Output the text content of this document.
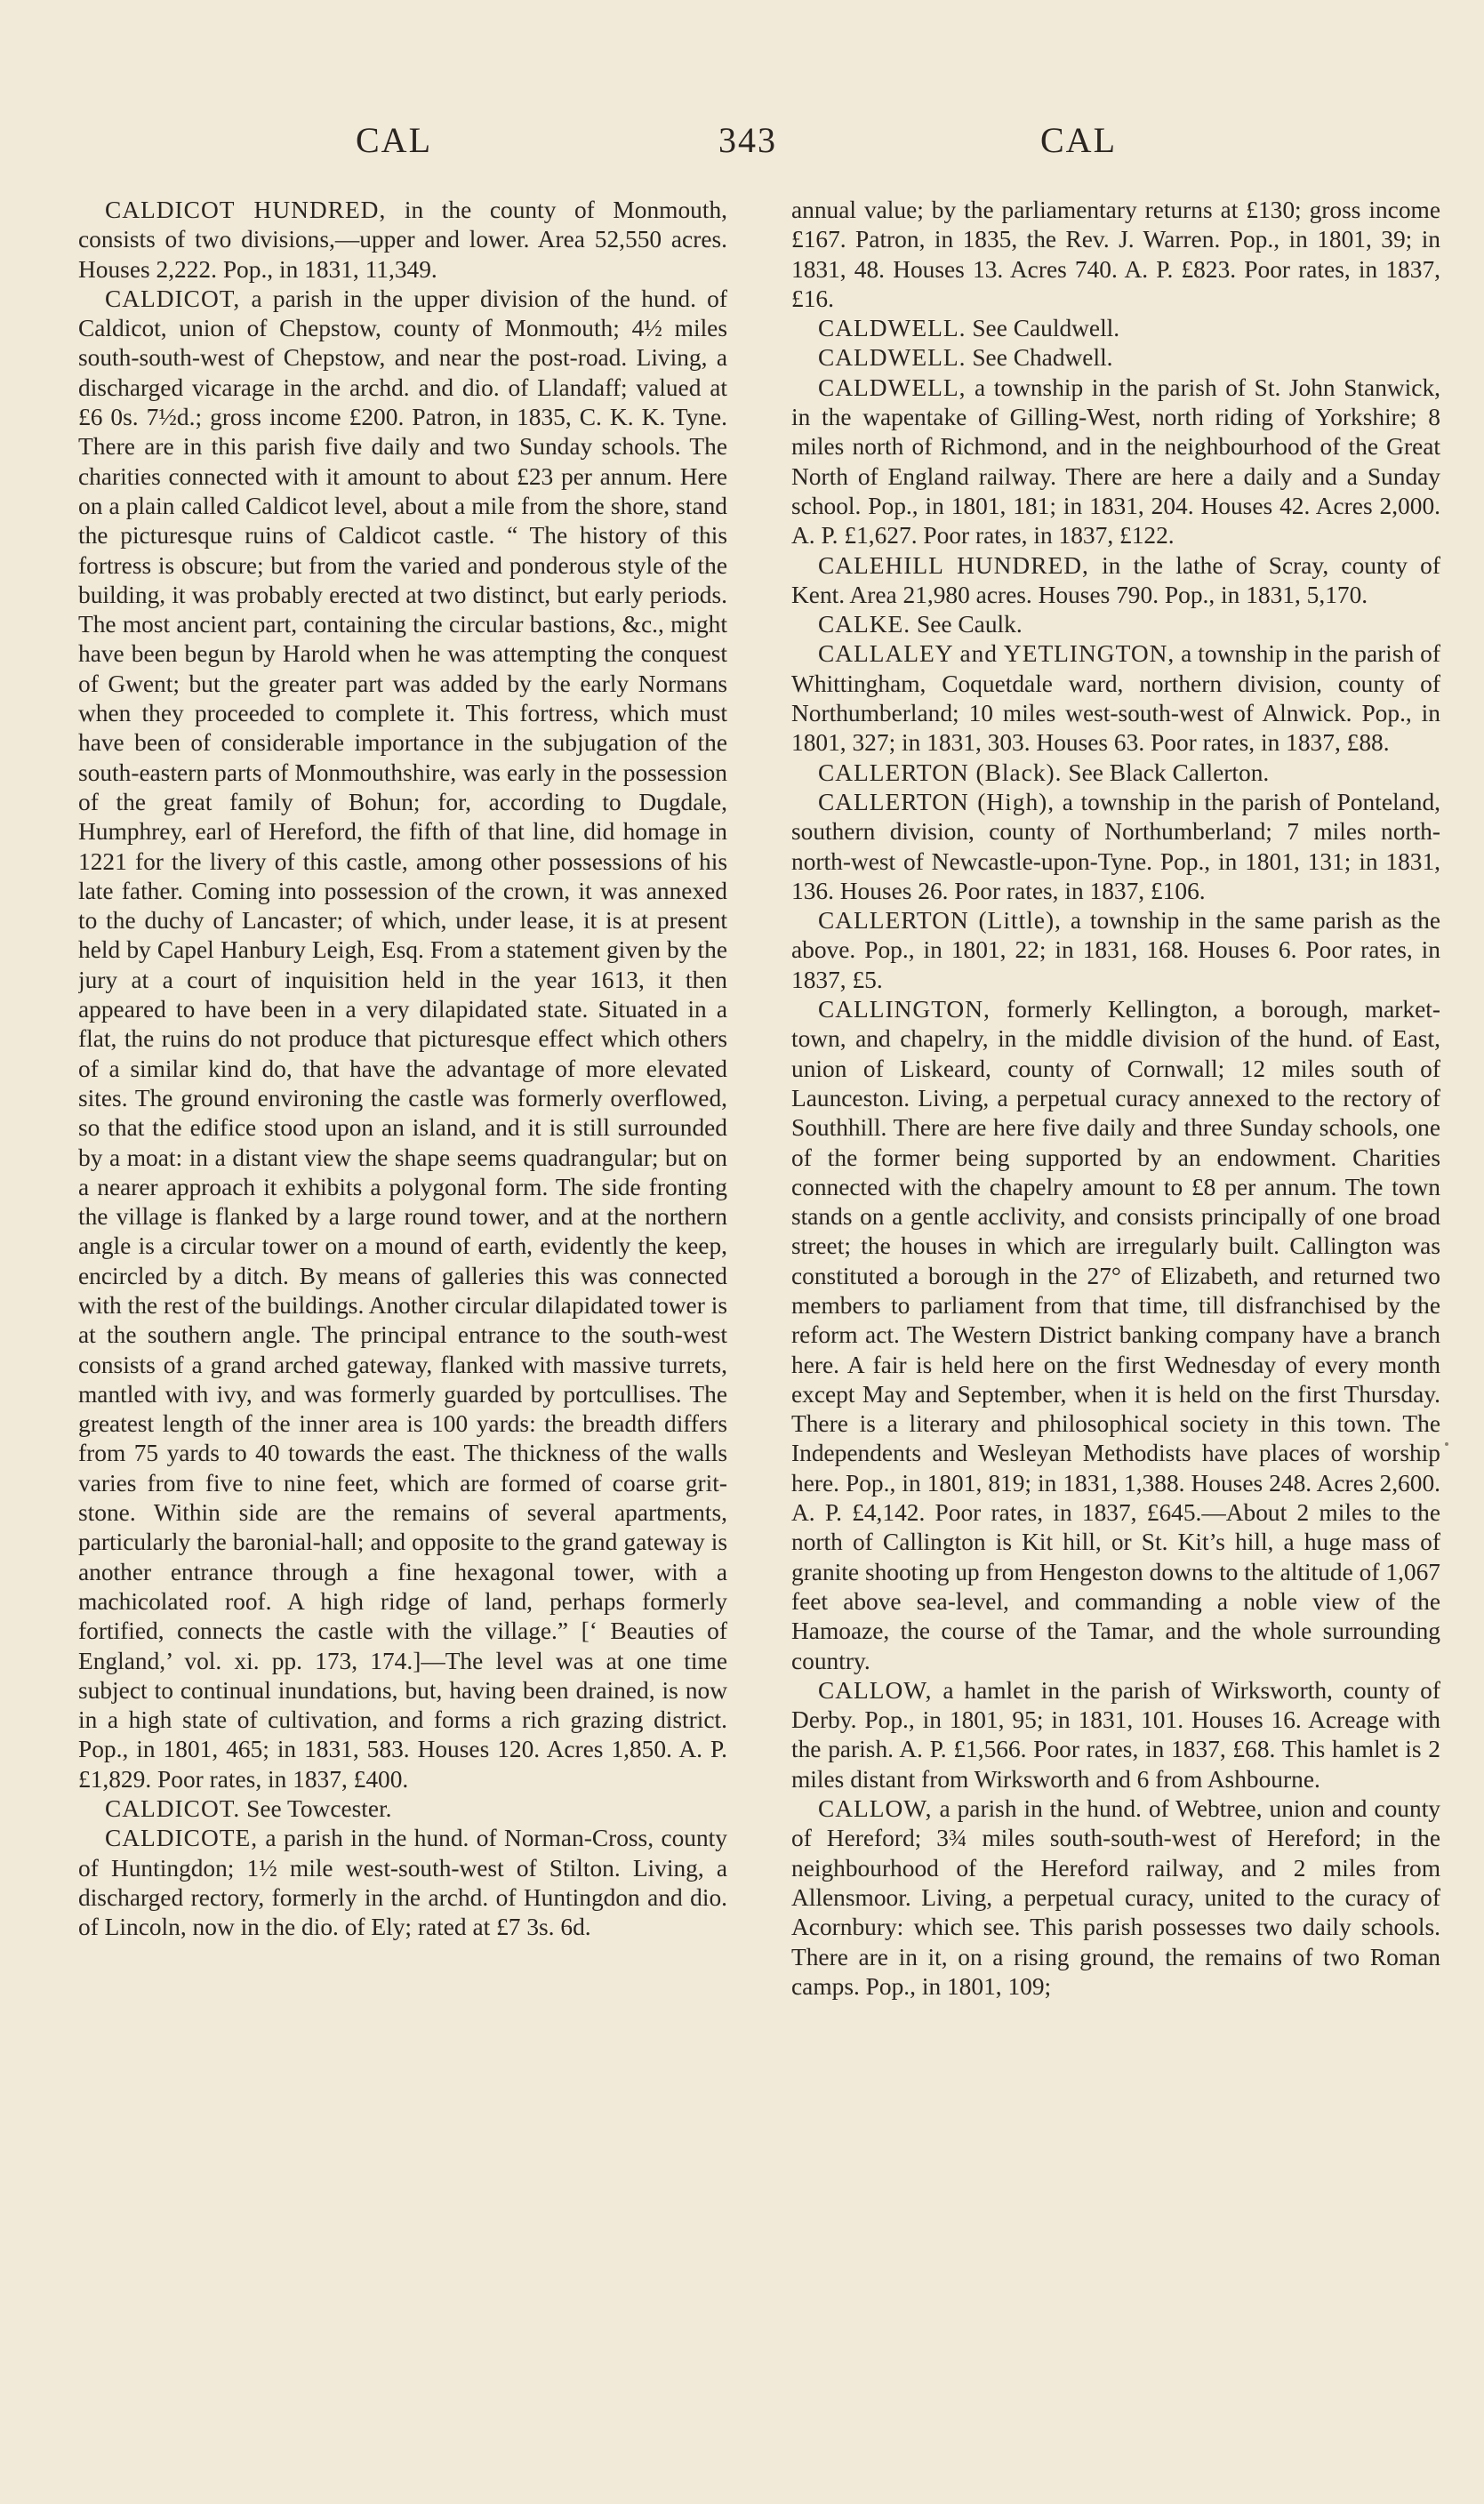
CAL	343	CAL

CALDICOT HUNDRED, in the county of Monmouth, consists of two divisions,—upper and lower. Area 52,550 acres. Houses 2,222. Pop., in 1831, 11,349.

CALDICOT, a parish in the upper division of the hund. of Caldicot, union of Chepstow, county of Monmouth; 4½ miles south-south-west of Chepstow, and near the post-road. Living, a discharged vicarage in the archd. and dio. of Llandaff; valued at £6 0s. 7½d.; gross income £200. Patron, in 1835, C. K. K. Tyne. There are in this parish five daily and two Sunday schools. The charities connected with it amount to about £23 per annum. Here on a plain called Caldicot level, about a mile from the shore, stand the picturesque ruins of Caldicot castle. “ The history of this fortress is obscure; but from the varied and ponderous style of the building, it was probably erected at two distinct, but early periods. The most ancient part, containing the circular bastions, &c., might have been begun by Harold when he was attempting the conquest of Gwent; but the greater part was added by the early Normans when they proceeded to complete it. This fortress, which must have been of considerable importance in the subjugation of the south-eastern parts of Monmouthshire, was early in the possession of the great family of Bohun; for, according to Dugdale, Humphrey, earl of Hereford, the fifth of that line, did homage in 1221 for the livery of this castle, among other possessions of his late father. Coming into possession of the crown, it was annexed to the duchy of Lancaster; of which, under lease, it is at present held by Capel Hanbury Leigh, Esq. From a statement given by the jury at a court of inquisition held in the year 1613, it then appeared to have been in a very dilapidated state. Situated in a flat, the ruins do not produce that picturesque effect which others of a similar kind do, that have the advantage of more elevated sites. The ground environing the castle was formerly overflowed, so that the edifice stood upon an island, and it is still surrounded by a moat: in a distant view the shape seems quadrangular; but on a nearer approach it exhibits a polygonal form. The side fronting the village is flanked by a large round tower, and at the northern angle is a circular tower on a mound of earth, evidently the keep, encircled by a ditch. By means of galleries this was connected with the rest of the buildings. Another circular dilapidated tower is at the southern angle. The principal entrance to the south-west consists of a grand arched gateway, flanked with massive turrets, mantled with ivy, and was formerly guarded by portcullises. The greatest length of the inner area is 100 yards: the breadth differs from 75 yards to 40 towards the east. The thickness of the walls varies from five to nine feet, which are formed of coarse grit-stone. Within side are the remains of several apartments, particularly the baronial-hall; and opposite to the grand gateway is another entrance through a fine hexagonal tower, with a machicolated roof. A high ridge of land, perhaps formerly fortified, connects the castle with the village.” [‘ Beauties of England,’ vol. xi. pp. 173, 174.]—The level was at one time subject to continual inundations, but, having been drained, is now in a high state of cultivation, and forms a rich grazing district. Pop., in 1801, 465; in 1831, 583. Houses 120. Acres 1,850. A. P. £1,829. Poor rates, in 1837, £400.

CALDICOT. See Towcester.

CALDICOTE, a parish in the hund. of Norman-Cross, county of Huntingdon; 1½ mile west-south-west of Stilton. Living, a discharged rectory, formerly in the archd. of Huntingdon and dio. of Lincoln, now in the dio. of Ely; rated at £7 3s. 6d.

annual value; by the parliamentary returns at £130; gross income £167. Patron, in 1835, the Rev. J. Warren. Pop., in 1801, 39; in 1831, 48. Houses 13. Acres 740. A. P. £823. Poor rates, in 1837, £16.

CALDWELL. See Cauldwell.

CALDWELL. See Chadwell.

CALDWELL, a township in the parish of St. John Stanwick, in the wapentake of Gilling-West, north riding of Yorkshire; 8 miles north of Richmond, and in the neighbourhood of the Great North of England railway. There are here a daily and a Sunday school. Pop., in 1801, 181; in 1831, 204. Houses 42. Acres 2,000. A. P. £1,627. Poor rates, in 1837, £122.

CALEHILL HUNDRED, in the lathe of Scray, county of Kent. Area 21,980 acres. Houses 790. Pop., in 1831, 5,170.

CALKE. See Caulk.

CALLALEY and YETLINGTON, a township in the parish of Whittingham, Coquetdale ward, northern division, county of Northumberland; 10 miles west-south-west of Alnwick. Pop., in 1801, 327; in 1831, 303. Houses 63. Poor rates, in 1837, £88.

CALLERTON (Black). See Black Callerton.

CALLERTON (High), a township in the parish of Ponteland, southern division, county of Northumberland; 7 miles north-north-west of Newcastle-upon-Tyne. Pop., in 1801, 131; in 1831, 136. Houses 26. Poor rates, in 1837, £106.

CALLERTON (Little), a township in the same parish as the above. Pop., in 1801, 22; in 1831, 168. Houses 6. Poor rates, in 1837, £5.

CALLINGTON, formerly Kellington, a borough, market-town, and chapelry, in the middle division of the hund. of East, union of Liskeard, county of Cornwall; 12 miles south of Launceston. Living, a perpetual curacy annexed to the rectory of Southhill. There are here five daily and three Sunday schools, one of the former being supported by an endowment. Charities connected with the chapelry amount to £8 per annum. The town stands on a gentle acclivity, and consists principally of one broad street; the houses in which are irregularly built. Callington was constituted a borough in the 27° of Elizabeth, and returned two members to parliament from that time, till disfranchised by the reform act. The Western District banking company have a branch here. A fair is held here on the first Wednesday of every month except May and September, when it is held on the first Thursday. There is a literary and philosophical society in this town. The Independents and Wesleyan Methodists have places of worship here. Pop., in 1801, 819; in 1831, 1,388. Houses 248. Acres 2,600. A. P. £4,142. Poor rates, in 1837, £645.—About 2 miles to the north of Callington is Kit hill, or St. Kit’s hill, a huge mass of granite shooting up from Hengeston downs to the altitude of 1,067 feet above sea-level, and commanding a noble view of the Hamoaze, the course of the Tamar, and the whole surrounding country.

CALLOW, a hamlet in the parish of Wirksworth, county of Derby. Pop., in 1801, 95; in 1831, 101. Houses 16. Acreage with the parish. A. P. £1,566. Poor rates, in 1837, £68. This hamlet is 2 miles distant from Wirksworth and 6 from Ashbourne.

CALLOW, a parish in the hund. of Webtree, union and county of Hereford; 3¾ miles south-south-west of Hereford; in the neighbourhood of the Hereford railway, and 2 miles from Allensmoor. Living, a perpetual curacy, united to the curacy of Acornbury: which see. This parish possesses two daily schools. There are in it, on a rising ground, the remains of two Roman camps. Pop., in 1801, 109;
